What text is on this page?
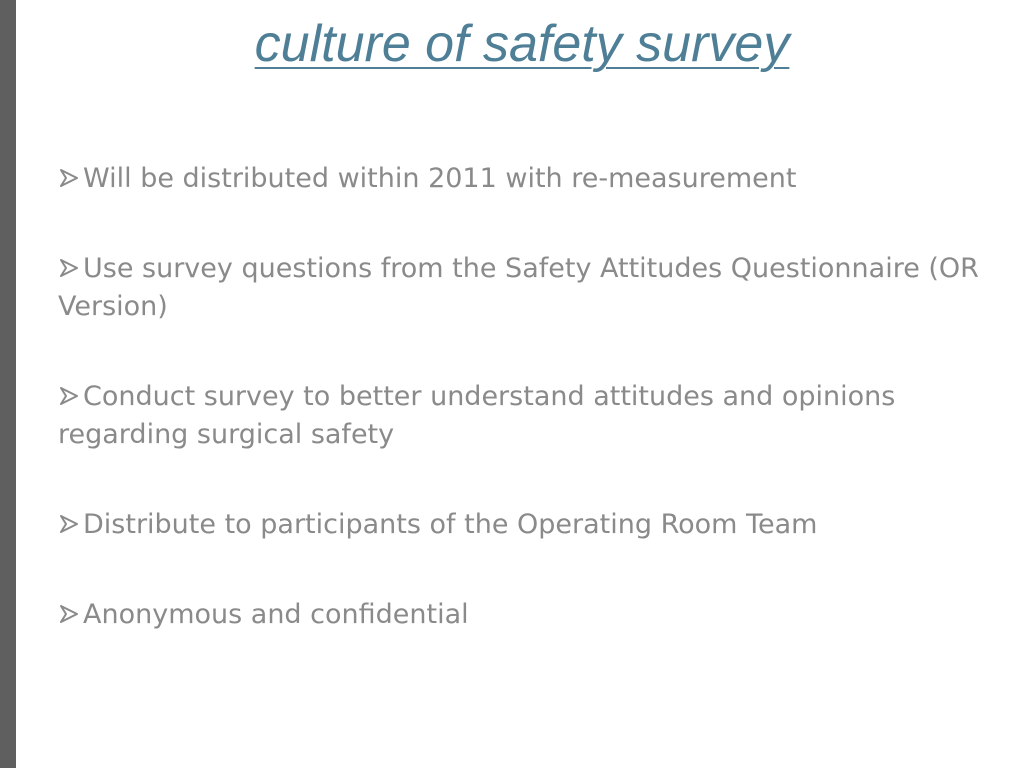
culture of safety survey
Will be distributed within 2011 with re-measurement
Use survey questions from the Safety Attitudes Questionnaire (OR Version)
Conduct survey to better understand attitudes and opinions regarding surgical safety
Distribute to participants of the Operating Room Team
Anonymous and confidential
